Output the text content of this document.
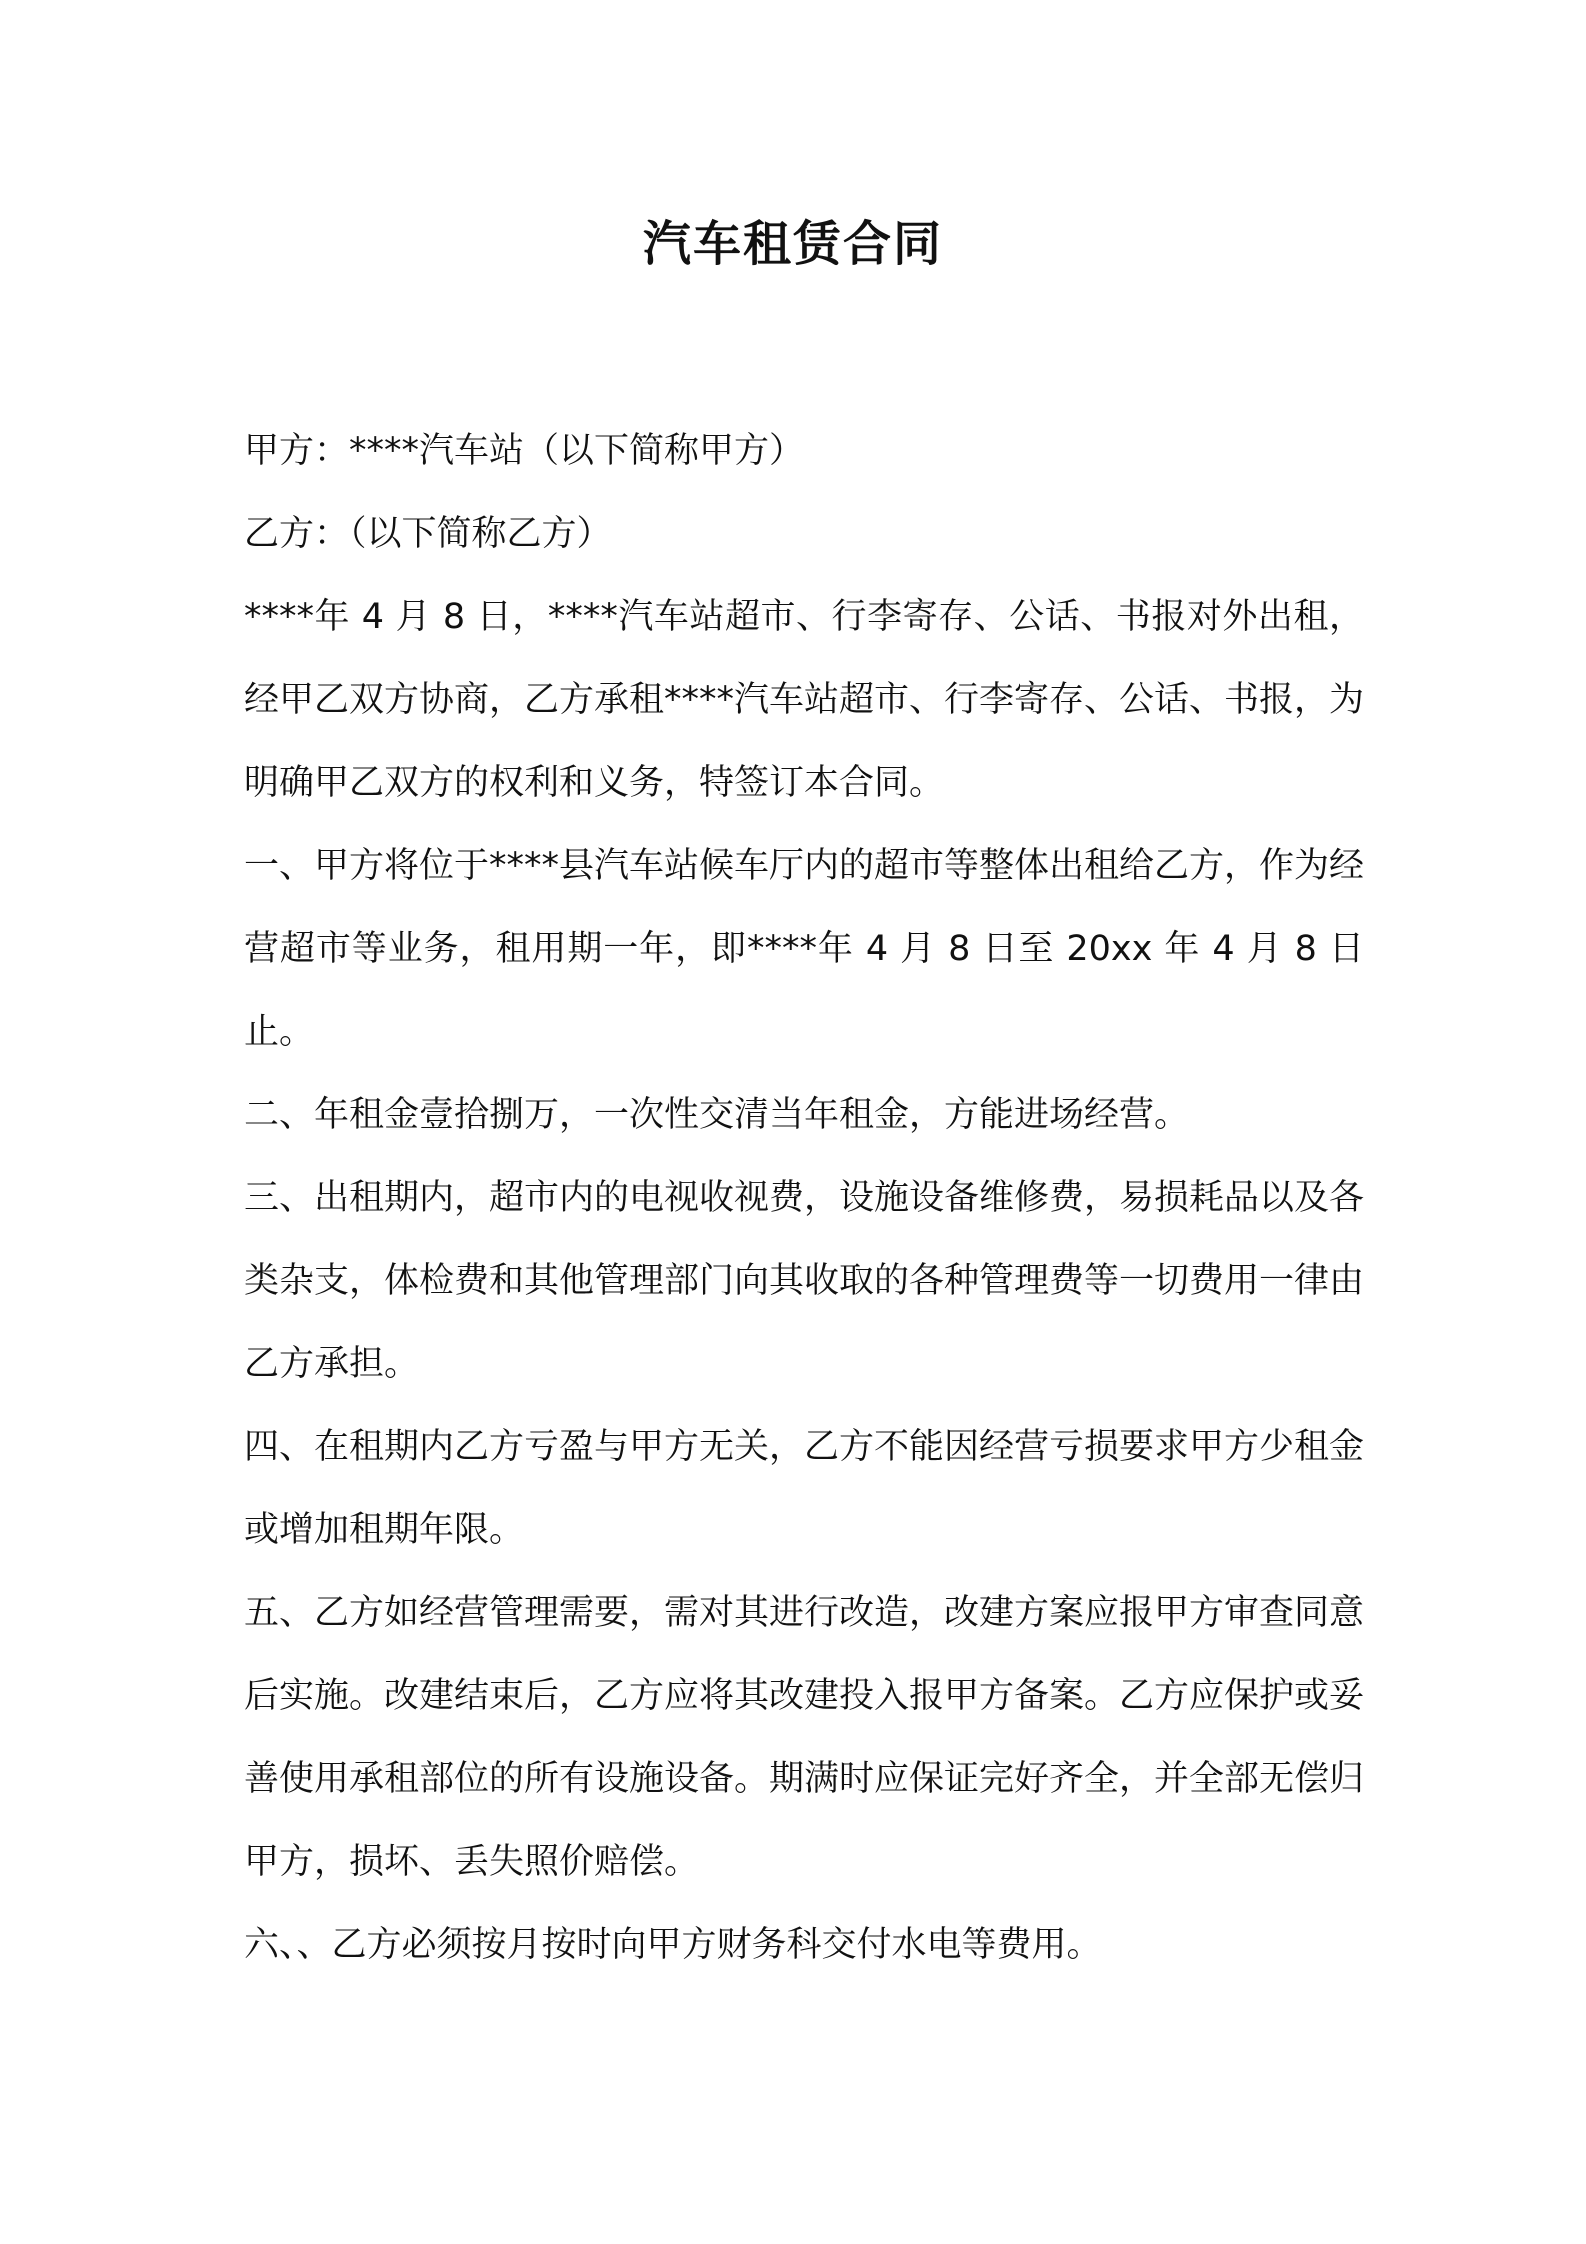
汽车租赁合同

甲方：****汽车站（以下简称甲方）

乙方：（以下简称乙方）

****年 4 月 8 日，****汽车站超市、行李寄存、公话、书报对外出租，经甲乙双方协商，乙方承租****汽车站超市、行李寄存、公话、书报，为明确甲乙双方的权利和义务，特签订本合同。

一、甲方将位于****县汽车站候车厅内的超市等整体出租给乙方，作为经营超市等业务，租用期一年，即****年 4 月 8 日至 20xx 年 4 月 8 日止。

二、年租金壹拾捌万，一次性交清当年租金，方能进场经营。

三、出租期内，超市内的电视收视费，设施设备维修费，易损耗品以及各类杂支，体检费和其他管理部门向其收取的各种管理费等一切费用一律由乙方承担。

四、在租期内乙方亏盈与甲方无关，乙方不能因经营亏损要求甲方少租金或增加租期年限。

五、乙方如经营管理需要，需对其进行改造，改建方案应报甲方审查同意后实施。改建结束后，乙方应将其改建投入报甲方备案。乙方应保护或妥善使用承租部位的所有设施设备。期满时应保证完好齐全，并全部无偿归甲方，损坏、丢失照价赔偿。

六、、乙方必须按月按时向甲方财务科交付水电等费用。
